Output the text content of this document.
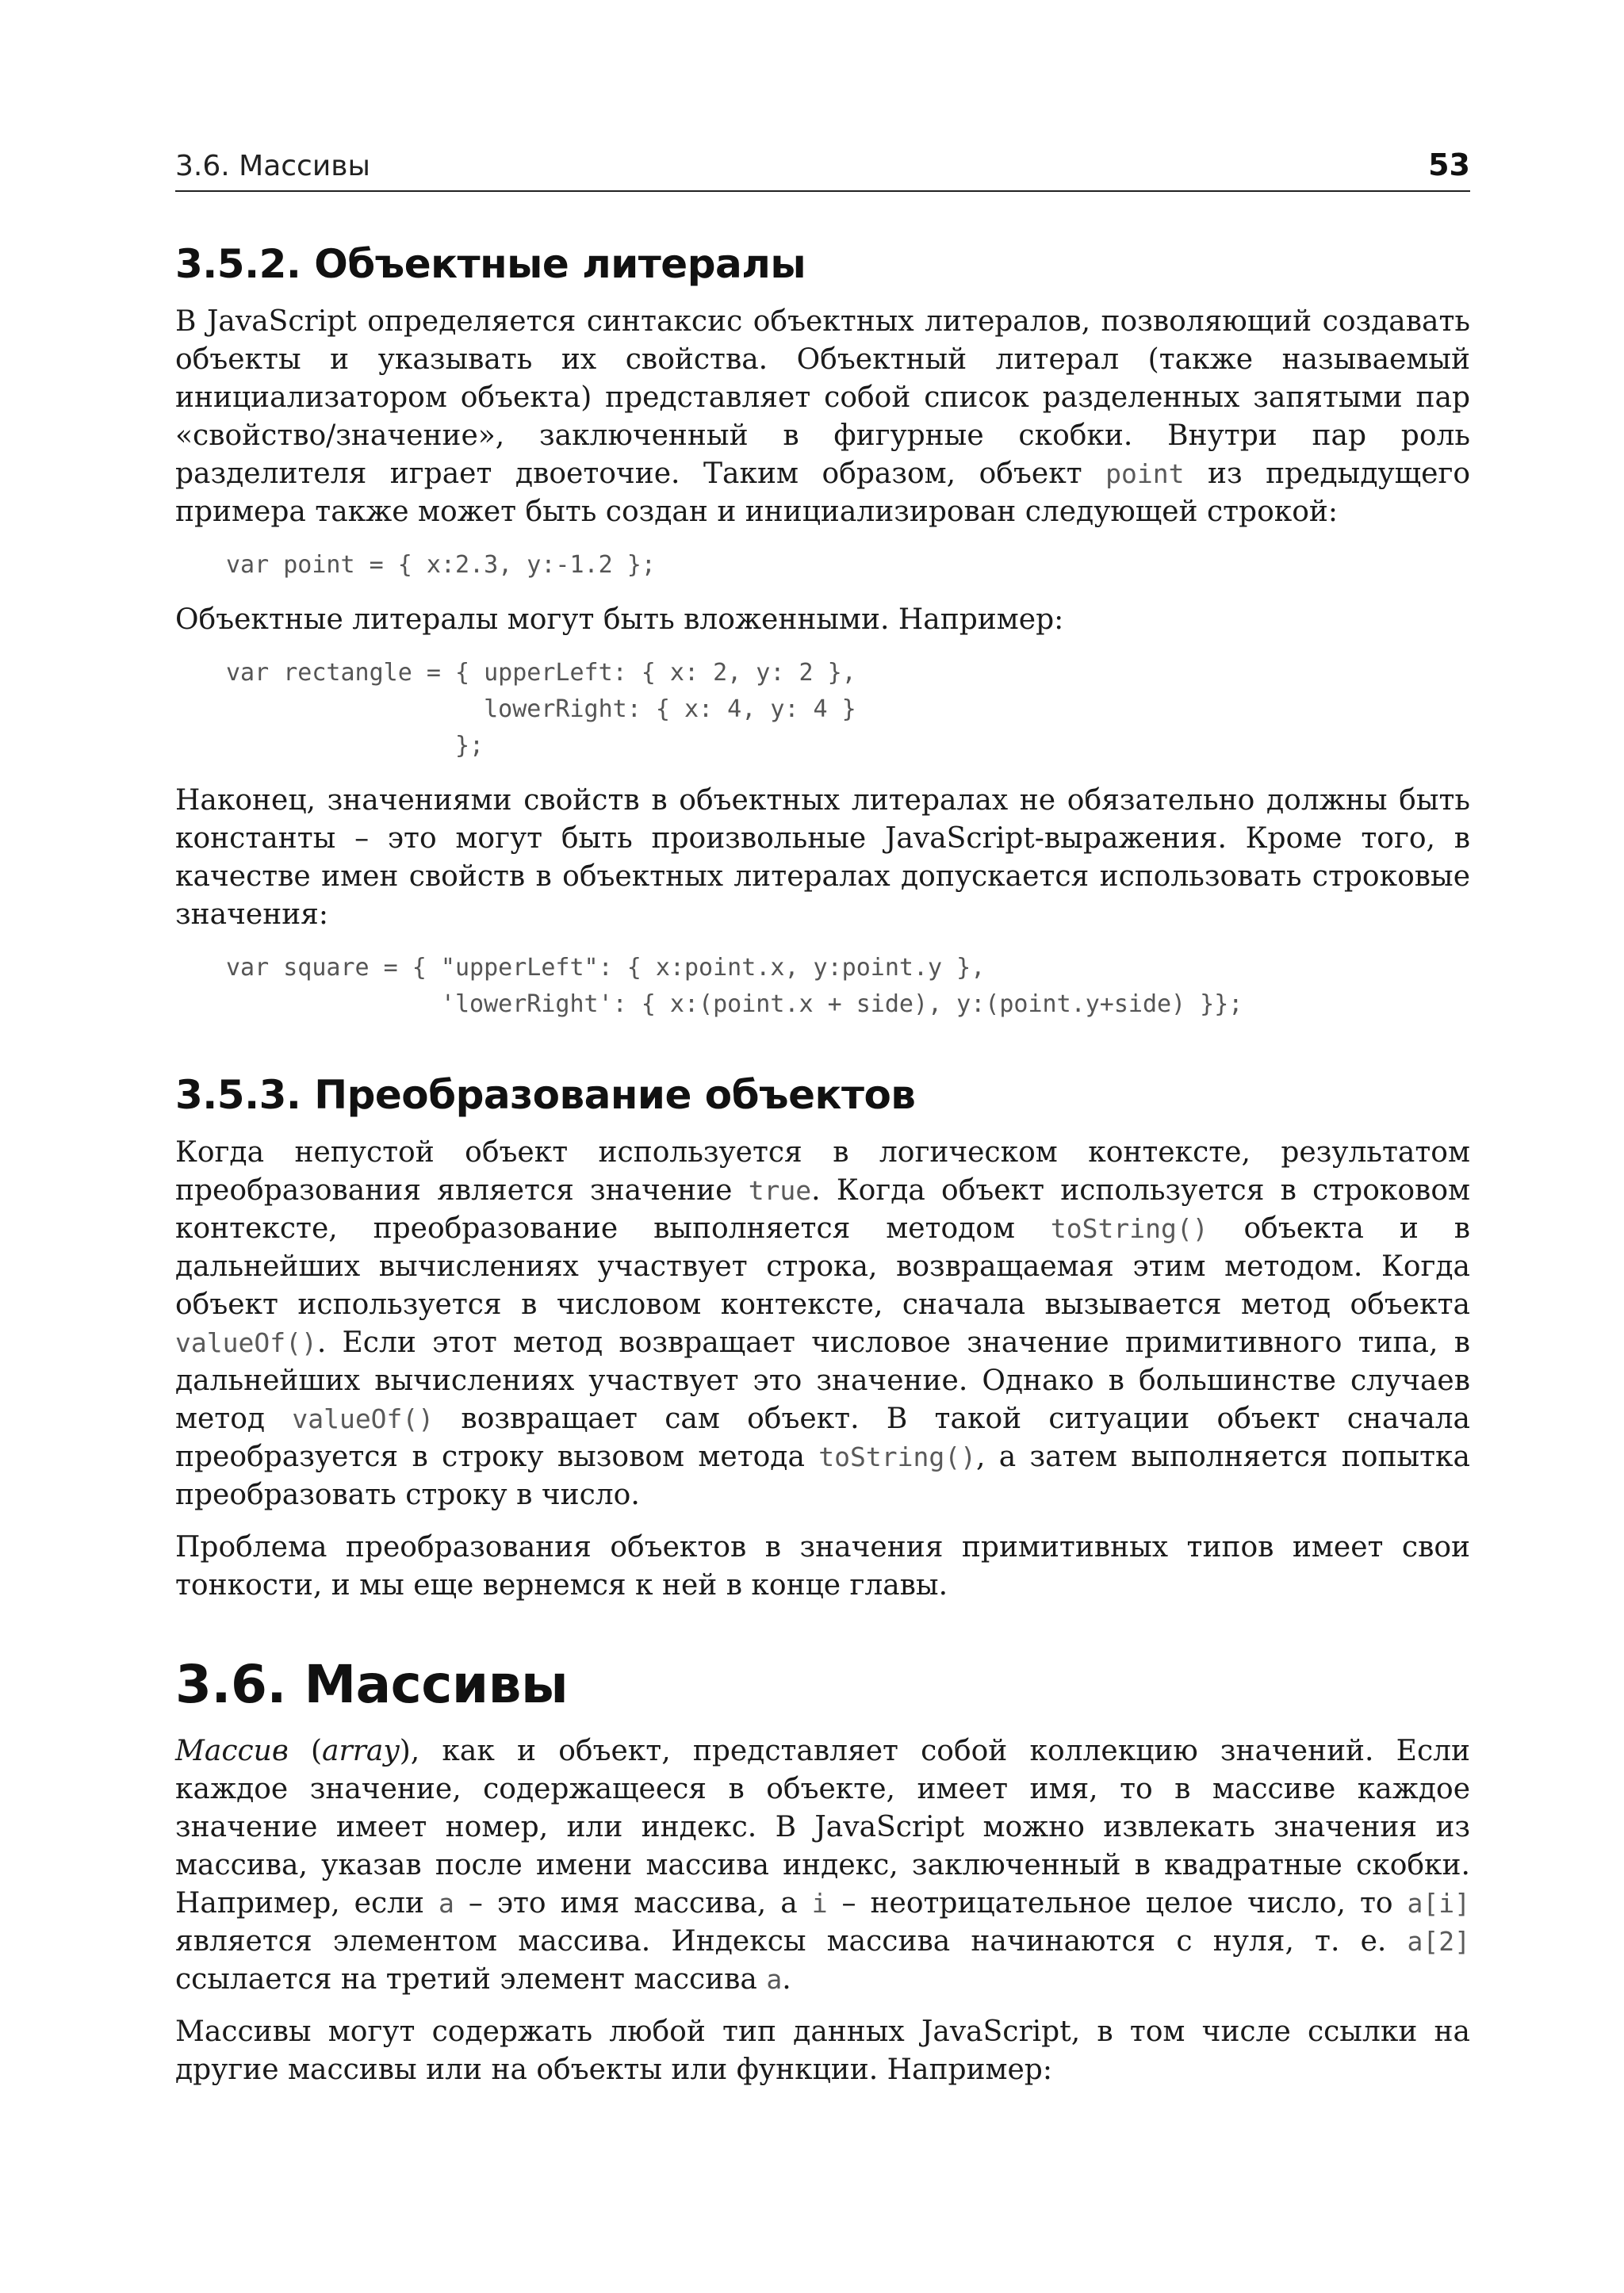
3.6. Массивы	53
3.5.2. Объектные литералы

В JavaScript определяется синтаксис объектных литералов, позволяющий создавать объекты и указывать их свойства. Объектный литерал (также называемый инициализатором объекта) представляет собой список разделенных запятыми пар «свойство/значение», заключенный в фигурные скобки. Внутри пар роль разделителя играет двоеточие. Таким образом, объект point из предыдущего примера также может быть создан и инициализирован следующей строкой:

var point = { x:2.3, y:-1.2 };

Объектные литералы могут быть вложенными. Например:

var rectangle = { upperLeft: { x: 2, y: 2 },
lowerRight: { x: 4, y: 4 }
};

Наконец, значениями свойств в объектных литералах не обязательно должны быть константы – это могут быть произвольные JavaScript-выражения. Кроме того, в качестве имен свойств в объектных литералах допускается использовать строковые значения:

var square = { "upperLeft": { x:point.x, y:point.y },
'lowerRight': { x:(point.x + side), y:(point.y+side) }};
3.5.3. Преобразование объектов

Когда непустой объект используется в логическом контексте, результатом преобразования является значение true. Когда объект используется в строковом контексте, преобразование выполняется методом toString() объекта и в дальнейших вычислениях участвует строка, возвращаемая этим методом. Когда объект используется в числовом контексте, сначала вызывается метод объекта valueOf(). Если этот метод возвращает числовое значение примитивного типа, в дальнейших вычислениях участвует это значение. Однако в большинстве случаев метод valueOf() возвращает сам объект. В такой ситуации объект сначала преобразуется в строку вызовом метода toString(), а затем выполняется попытка преобразовать строку в число.

Проблема преобразования объектов в значения примитивных типов имеет свои тонкости, и мы еще вернемся к ней в конце главы.

3.6. Массивы

Массив (array), как и объект, представляет собой коллекцию значений. Если каждое значение, содержащееся в объекте, имеет имя, то в массиве каждое значение имеет номер, или индекс. В JavaScript можно извлекать значения из массива, указав после имени массива индекс, заключенный в квадратные скобки. Например, если a – это имя массива, а i – неотрицательное целое число, то a[i] является элементом массива. Индексы массива начинаются с нуля, т. е. a[2] ссылается на третий элемент массива a.

Массивы могут содержать любой тип данных JavaScript, в том числе ссылки на другие массивы или на объекты или функции. Например:
